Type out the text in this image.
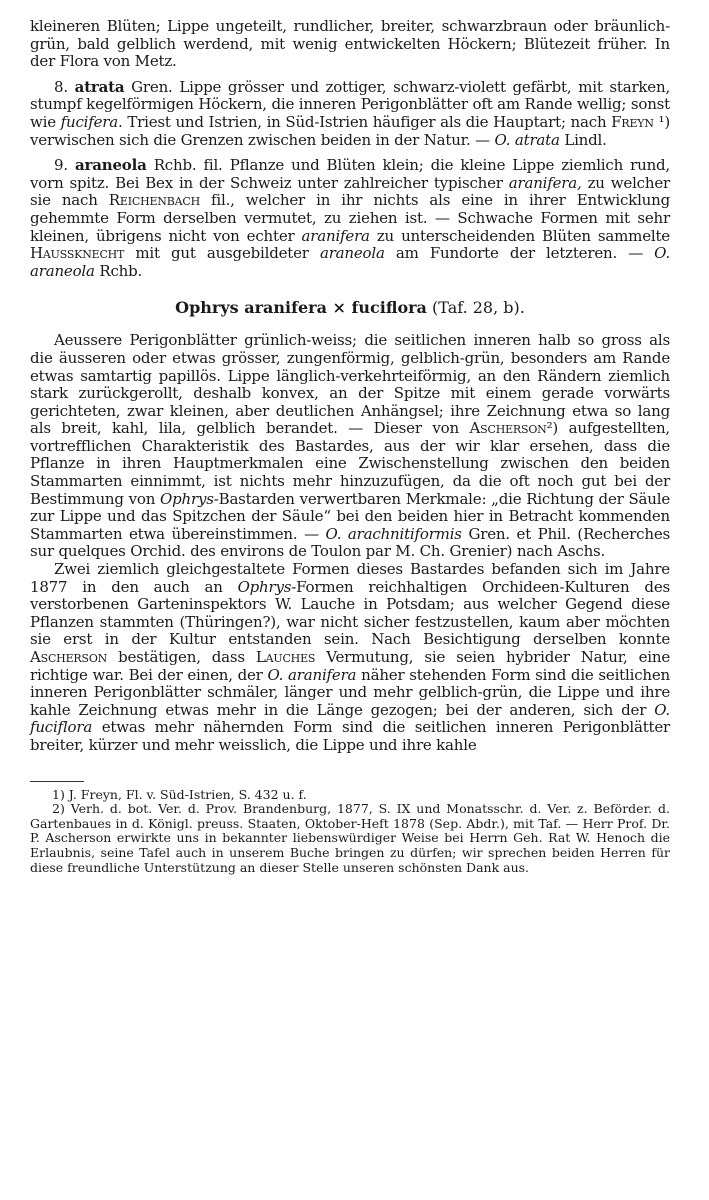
kleineren Blüten; Lippe ungeteilt, rundlicher, breiter, schwarzbraun oder bräunlich-grün, bald gelblich werdend, mit wenig entwickelten Höckern; Blütezeit früher. In der Flora von Metz.

8. atrata Gren. Lippe grösser und zottiger, schwarz-violett gefärbt, mit starken, stumpf kegelförmigen Höckern, die inneren Perigonblätter oft am Rande wellig; sonst wie fucifera. Triest und Istrien, in Süd-Istrien häufiger als die Hauptart; nach Freyn ¹) verwischen sich die Grenzen zwischen beiden in der Natur. — O. atrata Lindl.

9. araneola Rchb. fil. Pflanze und Blüten klein; die kleine Lippe ziemlich rund, vorn spitz. Bei Bex in der Schweiz unter zahlreicher typischer aranifera, zu welcher sie nach Reichenbach fil., welcher in ihr nichts als eine in ihrer Entwicklung gehemmte Form derselben vermutet, zu ziehen ist. — Schwache Formen mit sehr kleinen, übrigens nicht von echter aranifera zu unterscheidenden Blüten sammelte Haussknecht mit gut ausgebildeter araneola am Fundorte der letzteren. — O. araneola Rchb.

Ophrys aranifera × fuciflora (Taf. 28, b).

Aeussere Perigonblätter grünlich-weiss; die seitlichen inneren halb so gross als die äusseren oder etwas grösser, zungenförmig, gelblich-grün, besonders am Rande etwas samtartig papillös. Lippe länglich-verkehrteiförmig, an den Rändern ziemlich stark zurückgerollt, deshalb konvex, an der Spitze mit einem gerade vorwärts gerichteten, zwar kleinen, aber deutlichen Anhängsel; ihre Zeichnung etwa so lang als breit, kahl, lila, gelblich berandet. — Dieser von Ascherson²) aufgestellten, vortrefflichen Charakteristik des Bastardes, aus der wir klar ersehen, dass die Pflanze in ihren Hauptmerkmalen eine Zwischenstellung zwischen den beiden Stammarten einnimmt, ist nichts mehr hinzuzufügen, da die oft noch gut bei der Bestimmung von Ophrys-Bastarden verwertbaren Merkmale: „die Richtung der Säule zur Lippe und das Spitzchen der Säule“ bei den beiden hier in Betracht kommenden Stammarten etwa übereinstimmen. — O. arachnitiformis Gren. et Phil. (Recherches sur quelques Orchid. des environs de Toulon par M. Ch. Grenier) nach Aschs.

Zwei ziemlich gleichgestaltete Formen dieses Bastardes befanden sich im Jahre 1877 in den auch an Ophrys-Formen reichhaltigen Orchideen-Kulturen des verstorbenen Garteninspektors W. Lauche in Potsdam; aus welcher Gegend diese Pflanzen stammten (Thüringen?), war nicht sicher festzustellen, kaum aber möchten sie erst in der Kultur entstanden sein. Nach Besichtigung derselben konnte Ascherson bestätigen, dass Lauches Vermutung, sie seien hybrider Natur, eine richtige war. Bei der einen, der O. aranifera näher stehenden Form sind die seitlichen inneren Perigonblätter schmäler, länger und mehr gelblich-grün, die Lippe und ihre kahle Zeichnung etwas mehr in die Länge gezogen; bei der anderen, sich der O. fuciflora etwas mehr nähernden Form sind die seitlichen inneren Perigonblätter breiter, kürzer und mehr weisslich, die Lippe und ihre kahle

1) J. Freyn, Fl. v. Süd-Istrien, S. 432 u. f.

2) Verh. d. bot. Ver. d. Prov. Brandenburg, 1877, S. IX und Monatsschr. d. Ver. z. Beförder. d. Gartenbaues in d. Königl. preuss. Staaten, Oktober-Heft 1878 (Sep. Abdr.), mit Taf. — Herr Prof. Dr. P. Ascherson erwirkte uns in bekannter liebenswürdiger Weise bei Herrn Geh. Rat W. Henoch die Erlaubnis, seine Tafel auch in unserem Buche bringen zu dürfen; wir sprechen beiden Herren für diese freundliche Unterstützung an dieser Stelle unseren schönsten Dank aus.
